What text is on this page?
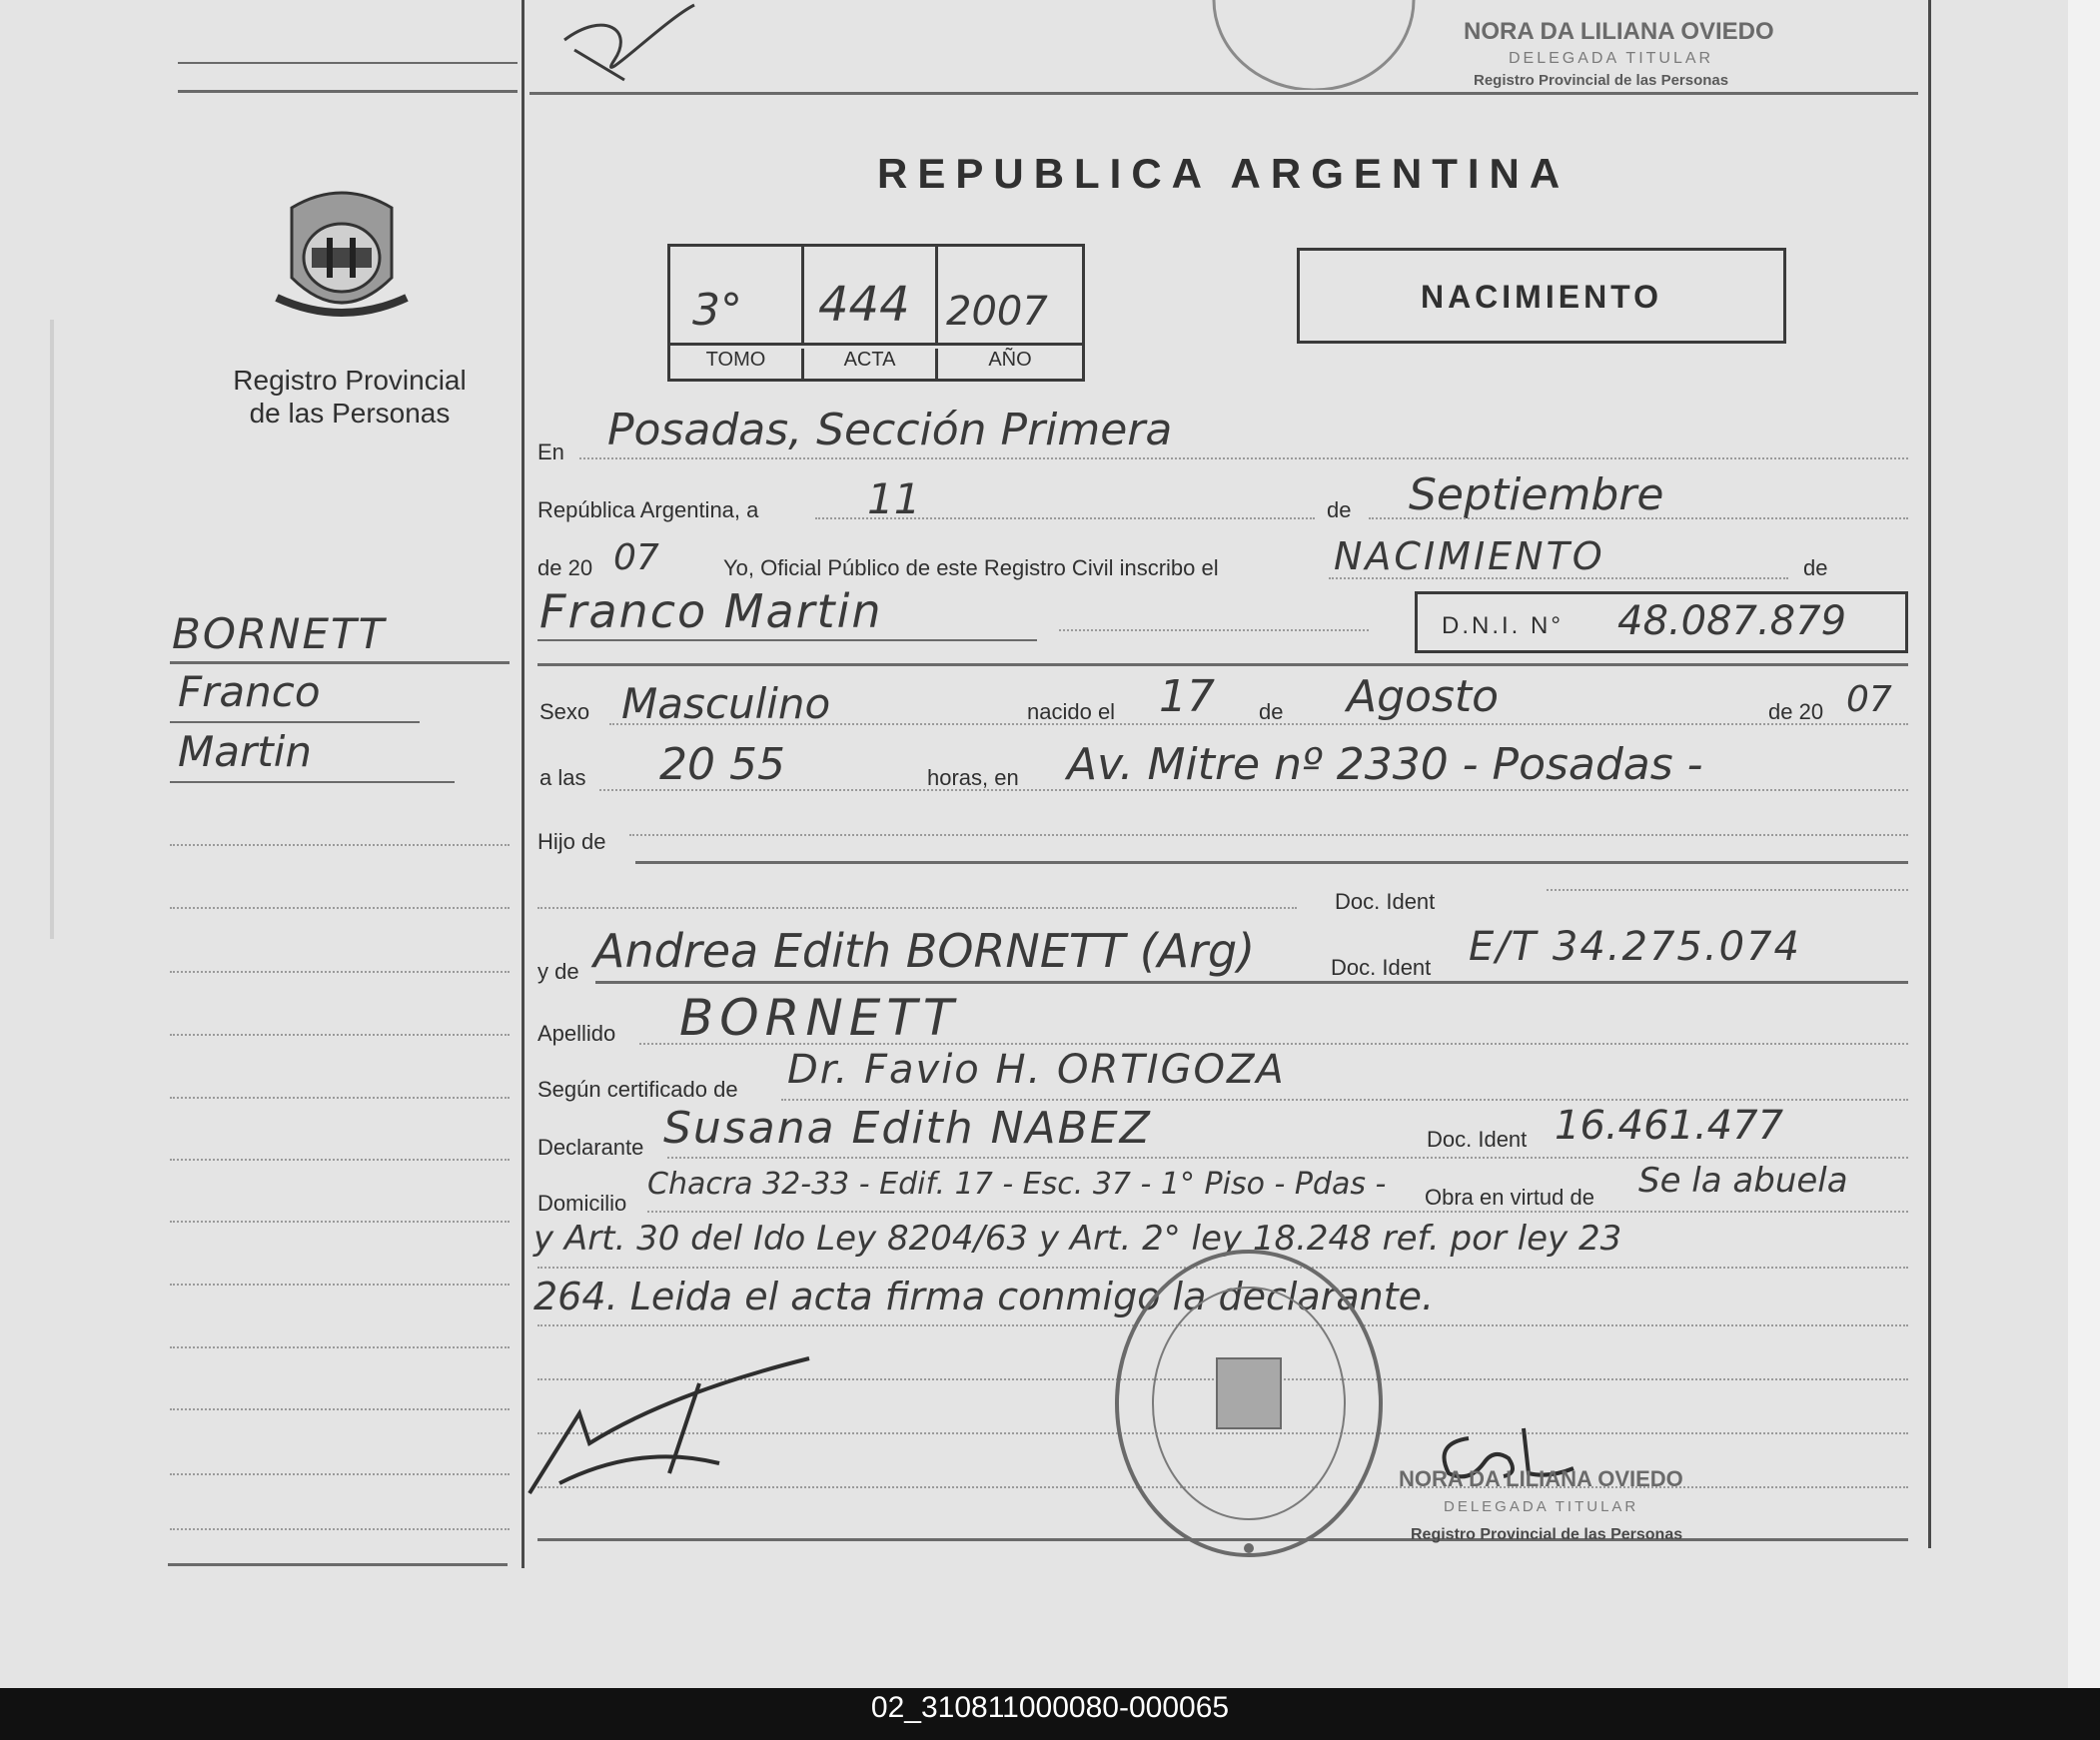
NORA DA LILIANA OVIEDO
DELEGADA TITULAR
Registro Provincial de las Personas
Registro Provincial
de las Personas
BORNETT
Franco
Martin
REPUBLICA ARGENTINA
3° 444 2007
TOMO	ACTA	AÑO
NACIMIENTO
En Posadas, Sección Primera
República Argentina, a	11	de Septiembre
de 20 07	Yo, Oficial Público de este Registro Civil inscribo el	NACIMIENTO	de
Franco Martin	D.N.I. N° 48.087.879
Sexo Masculino	nacido el 17 de Agosto	de 20 07
a las 20 55	horas, en Av. Mitre nº 2330 - Posadas -
Hijo de
Doc. Ident
y de Andrea Edith BORNETT (Arg)	Doc. Ident E/T 34.275.074
Apellido BORNETT
Según certificado de Dr. Favio H. ORTIGOZA
Declarante Susana Edith NABEZ	Doc. Ident 16.461.477
Domicilio
Chacra 32-33 - Edif. 17 - Esc. 37 - 1° Piso - Pdas - Obra en virtud de Se la abuela
y Art. 30 del Ido Ley 8204/63 y Art. 2° ley 18.248 ref. por ley 23
264. Leida el acta firma conmigo la declarante.
NORA DA LILIANA OVIEDO
DELEGADA TITULAR
Registro Provincial de las Personas
02_310811000080-000065
